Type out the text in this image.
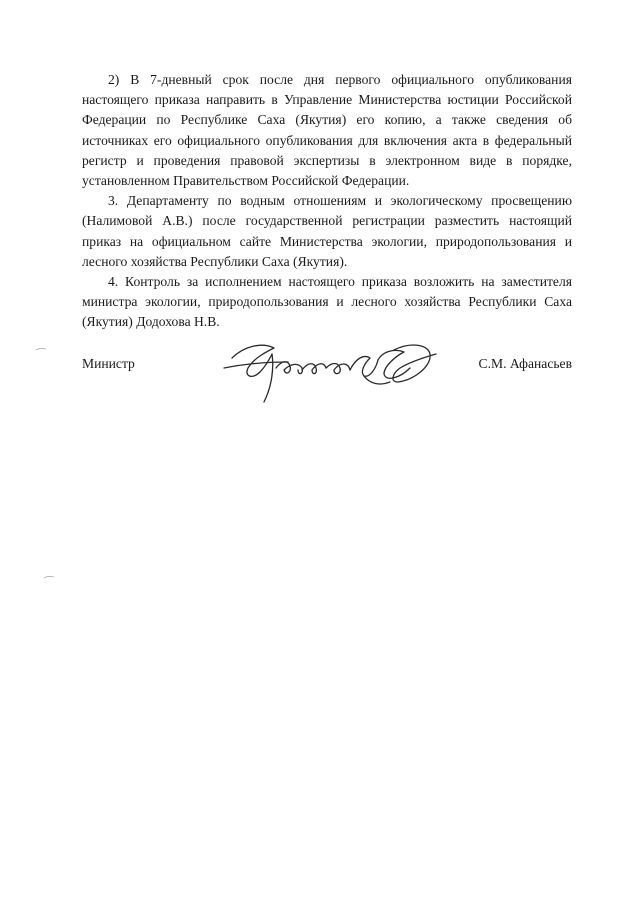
2) В 7-дневный срок после дня первого официального опубликования настоящего приказа направить в Управление Министерства юстиции Российской Федерации по Республике Саха (Якутия) его копию, а также сведения об источниках его официального опубликования для включения акта в федеральный регистр и проведения правовой экспертизы в электронном виде в порядке, установленном Правительством Российской Федерации.

3. Департаменту по водным отношениям и экологическому просвещению (Налимовой А.В.) после государственной регистрации разместить настоящий приказ на официальном сайте Министерства экологии, природопользования и лесного хозяйства Республики Саха (Якутия).

4. Контроль за исполнением настоящего приказа возложить на заместителя министра экологии, природопользования и лесного хозяйства Республики Саха (Якутия) Додохова Н.В.

Министр	С.М. Афанасьев
